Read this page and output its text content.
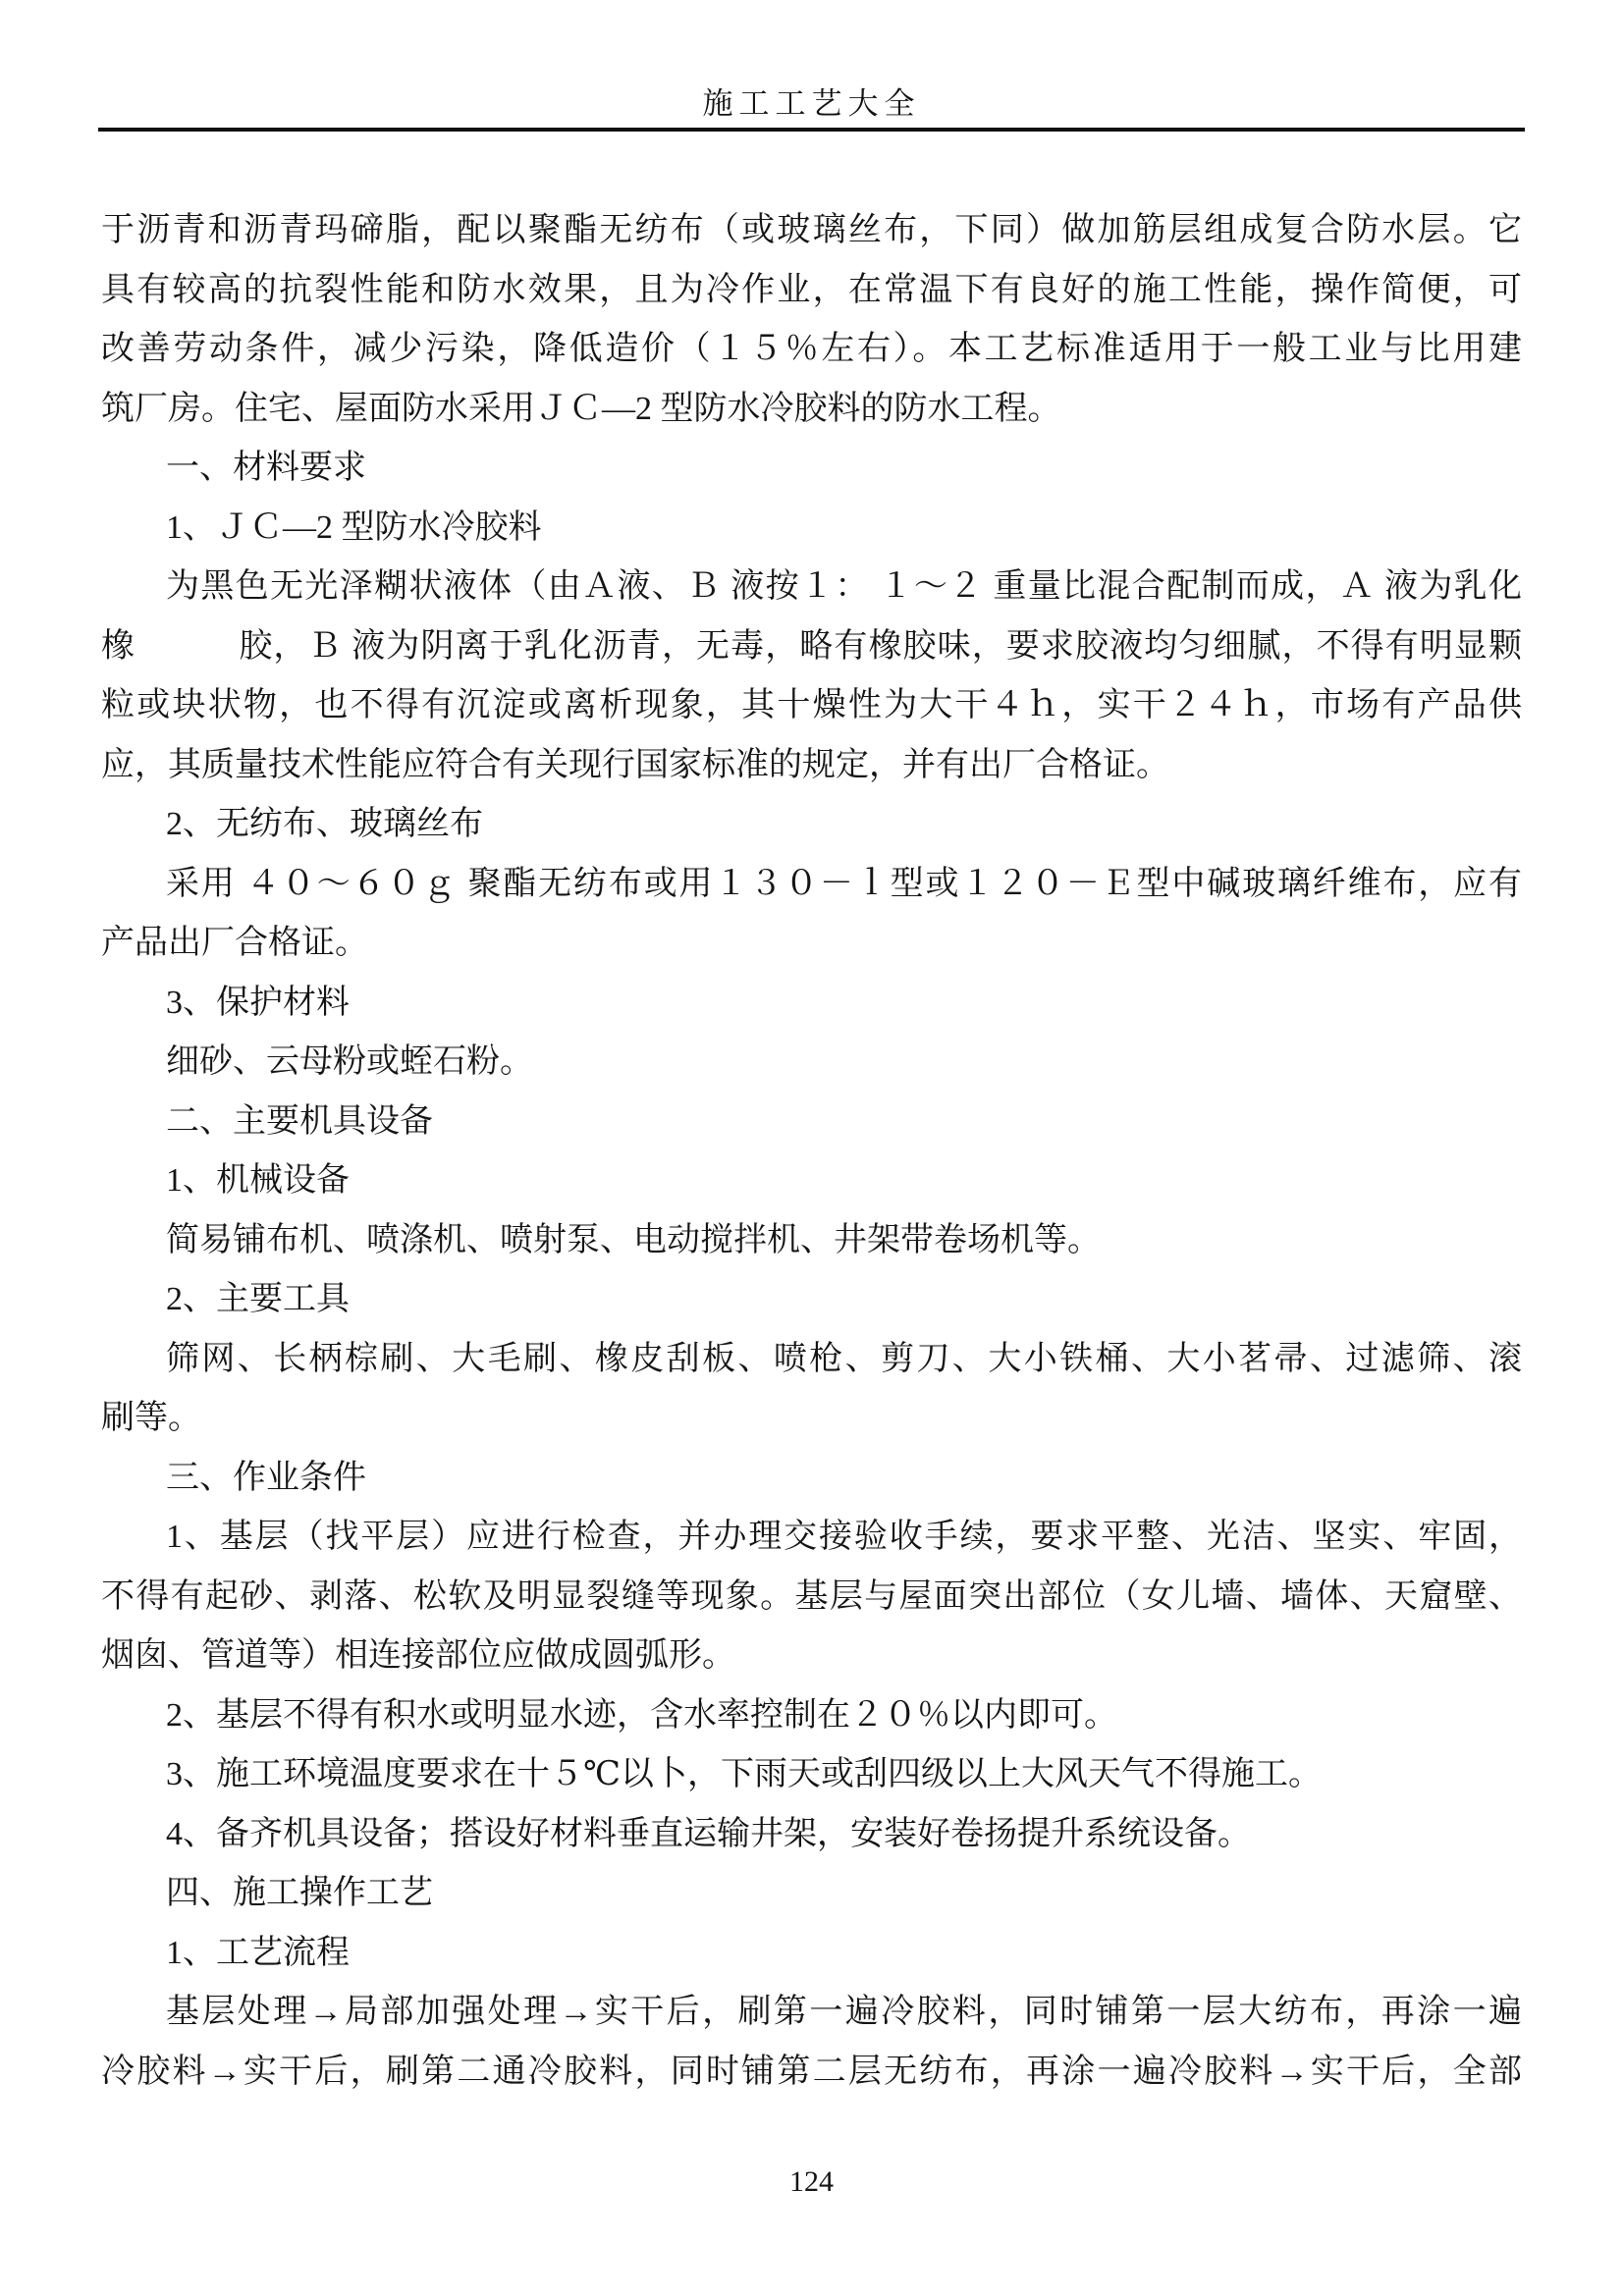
施工工艺大全
于沥青和沥青玛碲脂，配以聚酯无纺布（或玻璃丝布，下同）做加筋层组成复合防水层。它
具有较高的抗裂性能和防水效果，且为冷作业，在常温下有良好的施工性能，操作简便，可
改善劳动条件，减少污染，降低造价（１５％左右）。本工艺标准适用于一般工业与比用建
筑厂房。住宅、屋面防水采用ＪＣ—2 型防水冷胶料的防水工程。
一、材料要求
1、ＪＣ—2 型防水冷胶料
为黑色无光泽糊状液体（由Ａ液、Ｂ 液按１： １～２ 重量比混合配制而成，Ａ 液为乳化
橡　　　胶，Ｂ 液为阴离于乳化沥青，无毒，略有橡胶味，要求胶液均匀细腻，不得有明显颗
粒或块状物，也不得有沉淀或离析现象，其十燥性为大干４ｈ，实干２４ｈ，市场有产品供
应，其质量技术性能应符合有关现行国家标准的规定，并有出厂合格证。
2、无纺布、玻璃丝布
采用 ４０～６０ｇ 聚酯无纺布或用１３０－ｌ型或１２０－Ｅ型中碱玻璃纤维布，应有
产品出厂合格证。
3、保护材料
细砂、云母粉或蛭石粉。
二、主要机具设备
1、机械设备
简易铺布机、喷涤机、喷射泵、电动搅拌机、井架带卷场机等。
2、主要工具
筛网、长柄棕刷、大毛刷、橡皮刮板、喷枪、剪刀、大小铁桶、大小茗帚、过滤筛、滚
刷等。
三、作业条件
1、基层（找平层）应进行检查，并办理交接验收手续，要求平整、光洁、坚实、牢固，
不得有起砂、剥落、松软及明显裂缝等现象。基层与屋面突出部位（女儿墙、墙体、天窟壁、
烟囱、管道等）相连接部位应做成圆弧形。
2、基层不得有积水或明显水迹，含水率控制在２０％以内即可。
3、施工环境温度要求在十５℃以卜，下雨天或刮四级以上大风天气不得施工。
4、备齐机具设备；搭设好材料垂直运输井架，安装好卷扬提升系统设备。
四、施工操作工艺
1、工艺流程
基层处理→局部加强处理→实干后，刷第一遍冷胶料，同时铺第一层大纺布，再涂一遍
冷胶料→实干后，刷第二通冷胶料，同时铺第二层无纺布，再涂一遍冷胶料→实干后，全部
124
